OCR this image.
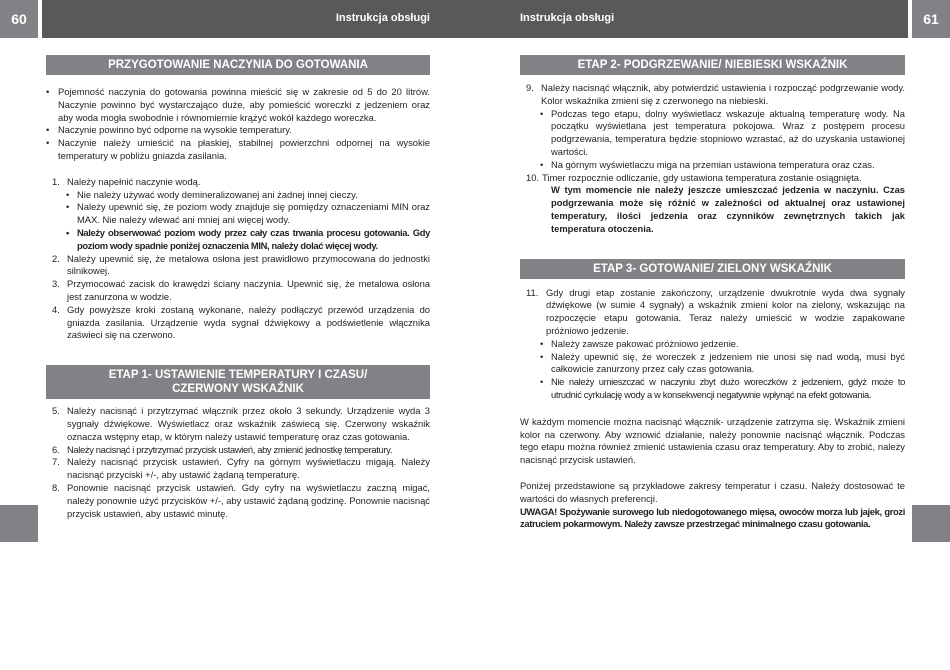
60	61
Instrukcja obsługi	Instrukcja obsługi
PRZYGOTOWANIE NACZYNIA DO GOTOWANIA
• Pojemność naczynia do gotowania powinna mieścić się w zakresie od 5 do 20 litrów. Naczynie powinno być wystarczająco duże, aby pomieścić woreczki z jedzeniem oraz aby woda mogła swobodnie i równomiernie krążyć wokół każdego woreczka.
• Naczynie powinno być odporne na wysokie temperatury.
• Naczynie należy umieścić na płaskiej, stabilnej powierzchni odpornej na wysokie temperatury w pobliżu gniazda zasilania.
1. Należy napełnić naczynie wodą.
• Nie należy używać wody demineralizowanej ani żadnej innej cieczy.
• Należy upewnić się, że poziom wody znajduje się pomiędzy oznaczeniami MIN oraz MAX. Nie należy wlewać ani mniej ani więcej wody.
• Należy obserwować poziom wody przez cały czas trwania procesu gotowania. Gdy poziom wody spadnie poniżej oznaczenia MIN, należy dolać więcej wody.
2. Należy upewnić się, że metalowa osłona jest prawidłowo przymocowana do jednostki silnikowej.
3. Przymocować zacisk do krawędzi ściany naczynia. Upewnić się, że metalowa osłona jest zanurzona w wodzie.
4. Gdy powyższe kroki zostaną wykonane, należy podłączyć przewód urządzenia do gniazda zasilania. Urządzenie wyda sygnał dźwiękowy a podświetlenie włącznika zaświeci się na czerwono.
ETAP 1- USTAWIENIE TEMPERATURY I CZASU/
CZERWONY WSKAŹNIK
5. Należy nacisnąć i przytrzymać włącznik przez około 3 sekundy. Urządzenie wyda 3 sygnały dźwiękowe. Wyświetlacz oraz wskaźnik zaświecą się. Czerwony wskaźnik oznacza wstępny etap, w którym należy ustawić temperaturę oraz czas gotowania.
6. Należy nacisnąć i przytrzymać przycisk ustawień, aby zmienić jednostkę temperatury.
7. Należy nacisnąć przycisk ustawień. Cyfry na górnym wyświetlaczu migają. Należy nacisnąć przyciski +/-, aby ustawić żądaną temperaturę.
8. Ponownie nacisnąć przycisk ustawień. Gdy cyfry na wyświetlaczu zaczną migać, należy ponownie użyć przycisków +/-, aby ustawić żądaną godzinę. Ponownie nacisnąć przycisk ustawień, aby ustawić minutę.
ETAP 2- PODGRZEWANIE/ NIEBIESKI WSKAŹNIK
9. Należy nacisnąć włącznik, aby potwierdzić ustawienia i rozpocząć podgrzewanie wody. Kolor wskaźnika zmieni się z czerwonego na niebieski.
• Podczas tego etapu, dolny wyświetlacz wskazuje aktualną temperaturę wody. Na początku wyświetlana jest temperatura pokojowa. Wraz z postępem procesu podgrzewania, temperatura będzie stopniowo wzrastać, aż do uzyskania ustawionej wartości.
• Na górnym wyświetlaczu miga na przemian ustawiona temperatura oraz czas.
10. Timer rozpocznie odliczanie, gdy ustawiona temperatura zostanie osiągnięta.
W tym momencie nie należy jeszcze umieszczać jedzenia w naczyniu. Czas podgrzewania może się różnić w zależności od aktualnej oraz ustawionej temperatury, ilości jedzenia oraz czynników zewnętrznych takich jak temperatura otoczenia.
ETAP 3- GOTOWANIE/ ZIELONY WSKAŹNIK
11. Gdy drugi etap zostanie zakończony, urządzenie dwukrotnie wyda dwa sygnały dźwiękowe (w sumie 4 sygnały) a wskaźnik zmieni kolor na zielony, wskazując na rozpoczęcie etapu gotowania. Teraz należy umieścić w wodzie zapakowane próżniowo jedzenie.
• Należy zawsze pakować próżniowo jedzenie.
• Należy upewnić się, że woreczek z jedzeniem nie unosi się nad wodą, musi być całkowicie zanurzony przez cały czas gotowania.
• Nie należy umieszczać w naczyniu zbyt dużo woreczków z jedzeniem, gdyż może to utrudnić cyrkulację wody a w konsekwencji negatywnie wpłynąć na efekt gotowania.
W każdym momencie można nacisnąć włącznik- urządzenie zatrzyma się. Wskaźnik zmieni kolor na czerwony. Aby wznowić działanie, należy ponownie nacisnąć włącznik. Podczas tego etapu można również zmienić ustawienia czasu oraz temperatury. Aby to zrobić, należy nacisnąć przycisk ustawień.
Poniżej przedstawione są przykładowe zakresy temperatur i czasu. Należy dostosować te wartości do własnych preferencji.
UWAGA! Spożywanie surowego lub niedogotowanego mięsa, owoców morza lub jajek, grozi zatruciem pokarmowym. Należy zawsze przestrzegać minimalnego czasu gotowania.
